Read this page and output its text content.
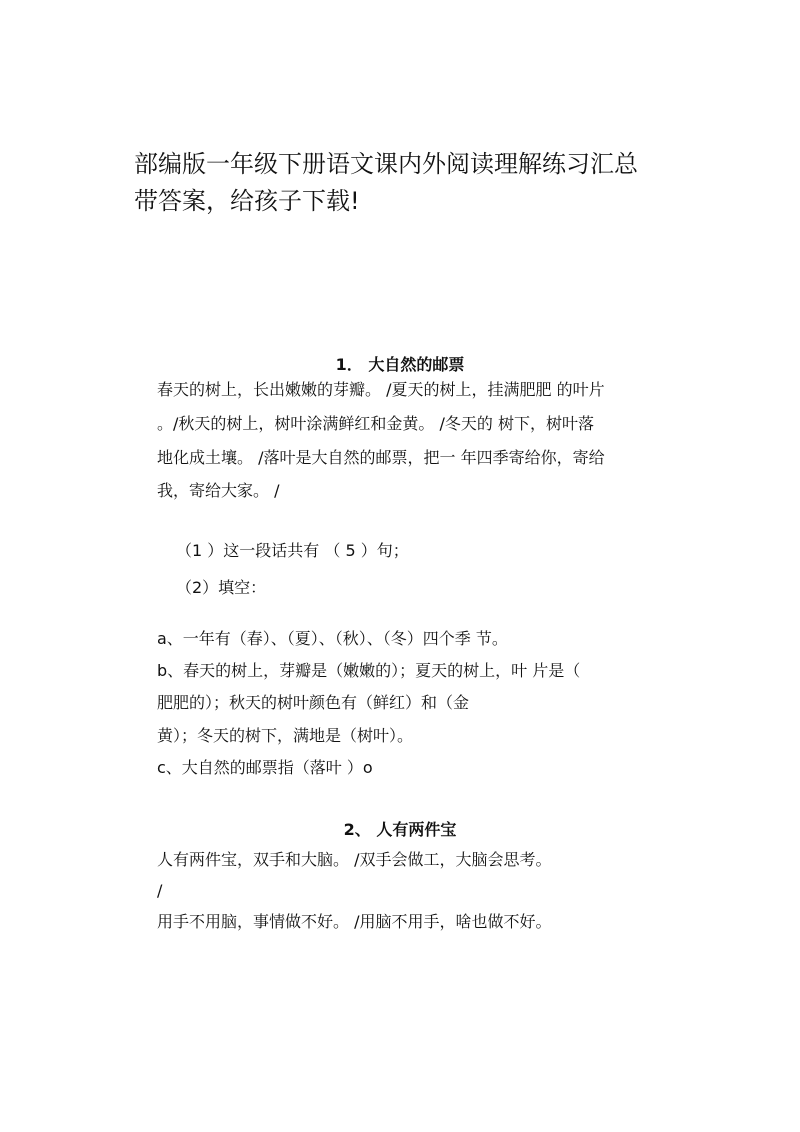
部编版一年级下册语文课内外阅读理解练习汇总带答案，给孩子下载!
1． 大自然的邮票

春天的树上，长出嫩嫩的芽瓣。 /夏天的树上，挂满肥肥 的叶片

。/秋天的树上，树叶涂满鲜红和金黄。 /冬天的 树下，树叶落

地化成土壤。 /落叶是大自然的邮票，把一 年四季寄给你，寄给

我，寄给大家。 /

（1 ）这一段话共有 （ 5 ）句；

（2）填空：

a、一年有（春）、（夏）、（秋）、（冬）四个季 节。

b、春天的树上，芽瓣是（嫩嫩的）；夏天的树上，叶 片是（

肥肥的）；秋天的树叶颜色有（鲜红）和（金

黄）；冬天的树下，满地是（树叶）。

c、大自然的邮票指（落叶 ）o

2、 人有两件宝

人有两件宝，双手和大脑。 /双手会做工，大脑会思考。

/

用手不用脑，事情做不好。 /用脑不用手，啥也做不好。
